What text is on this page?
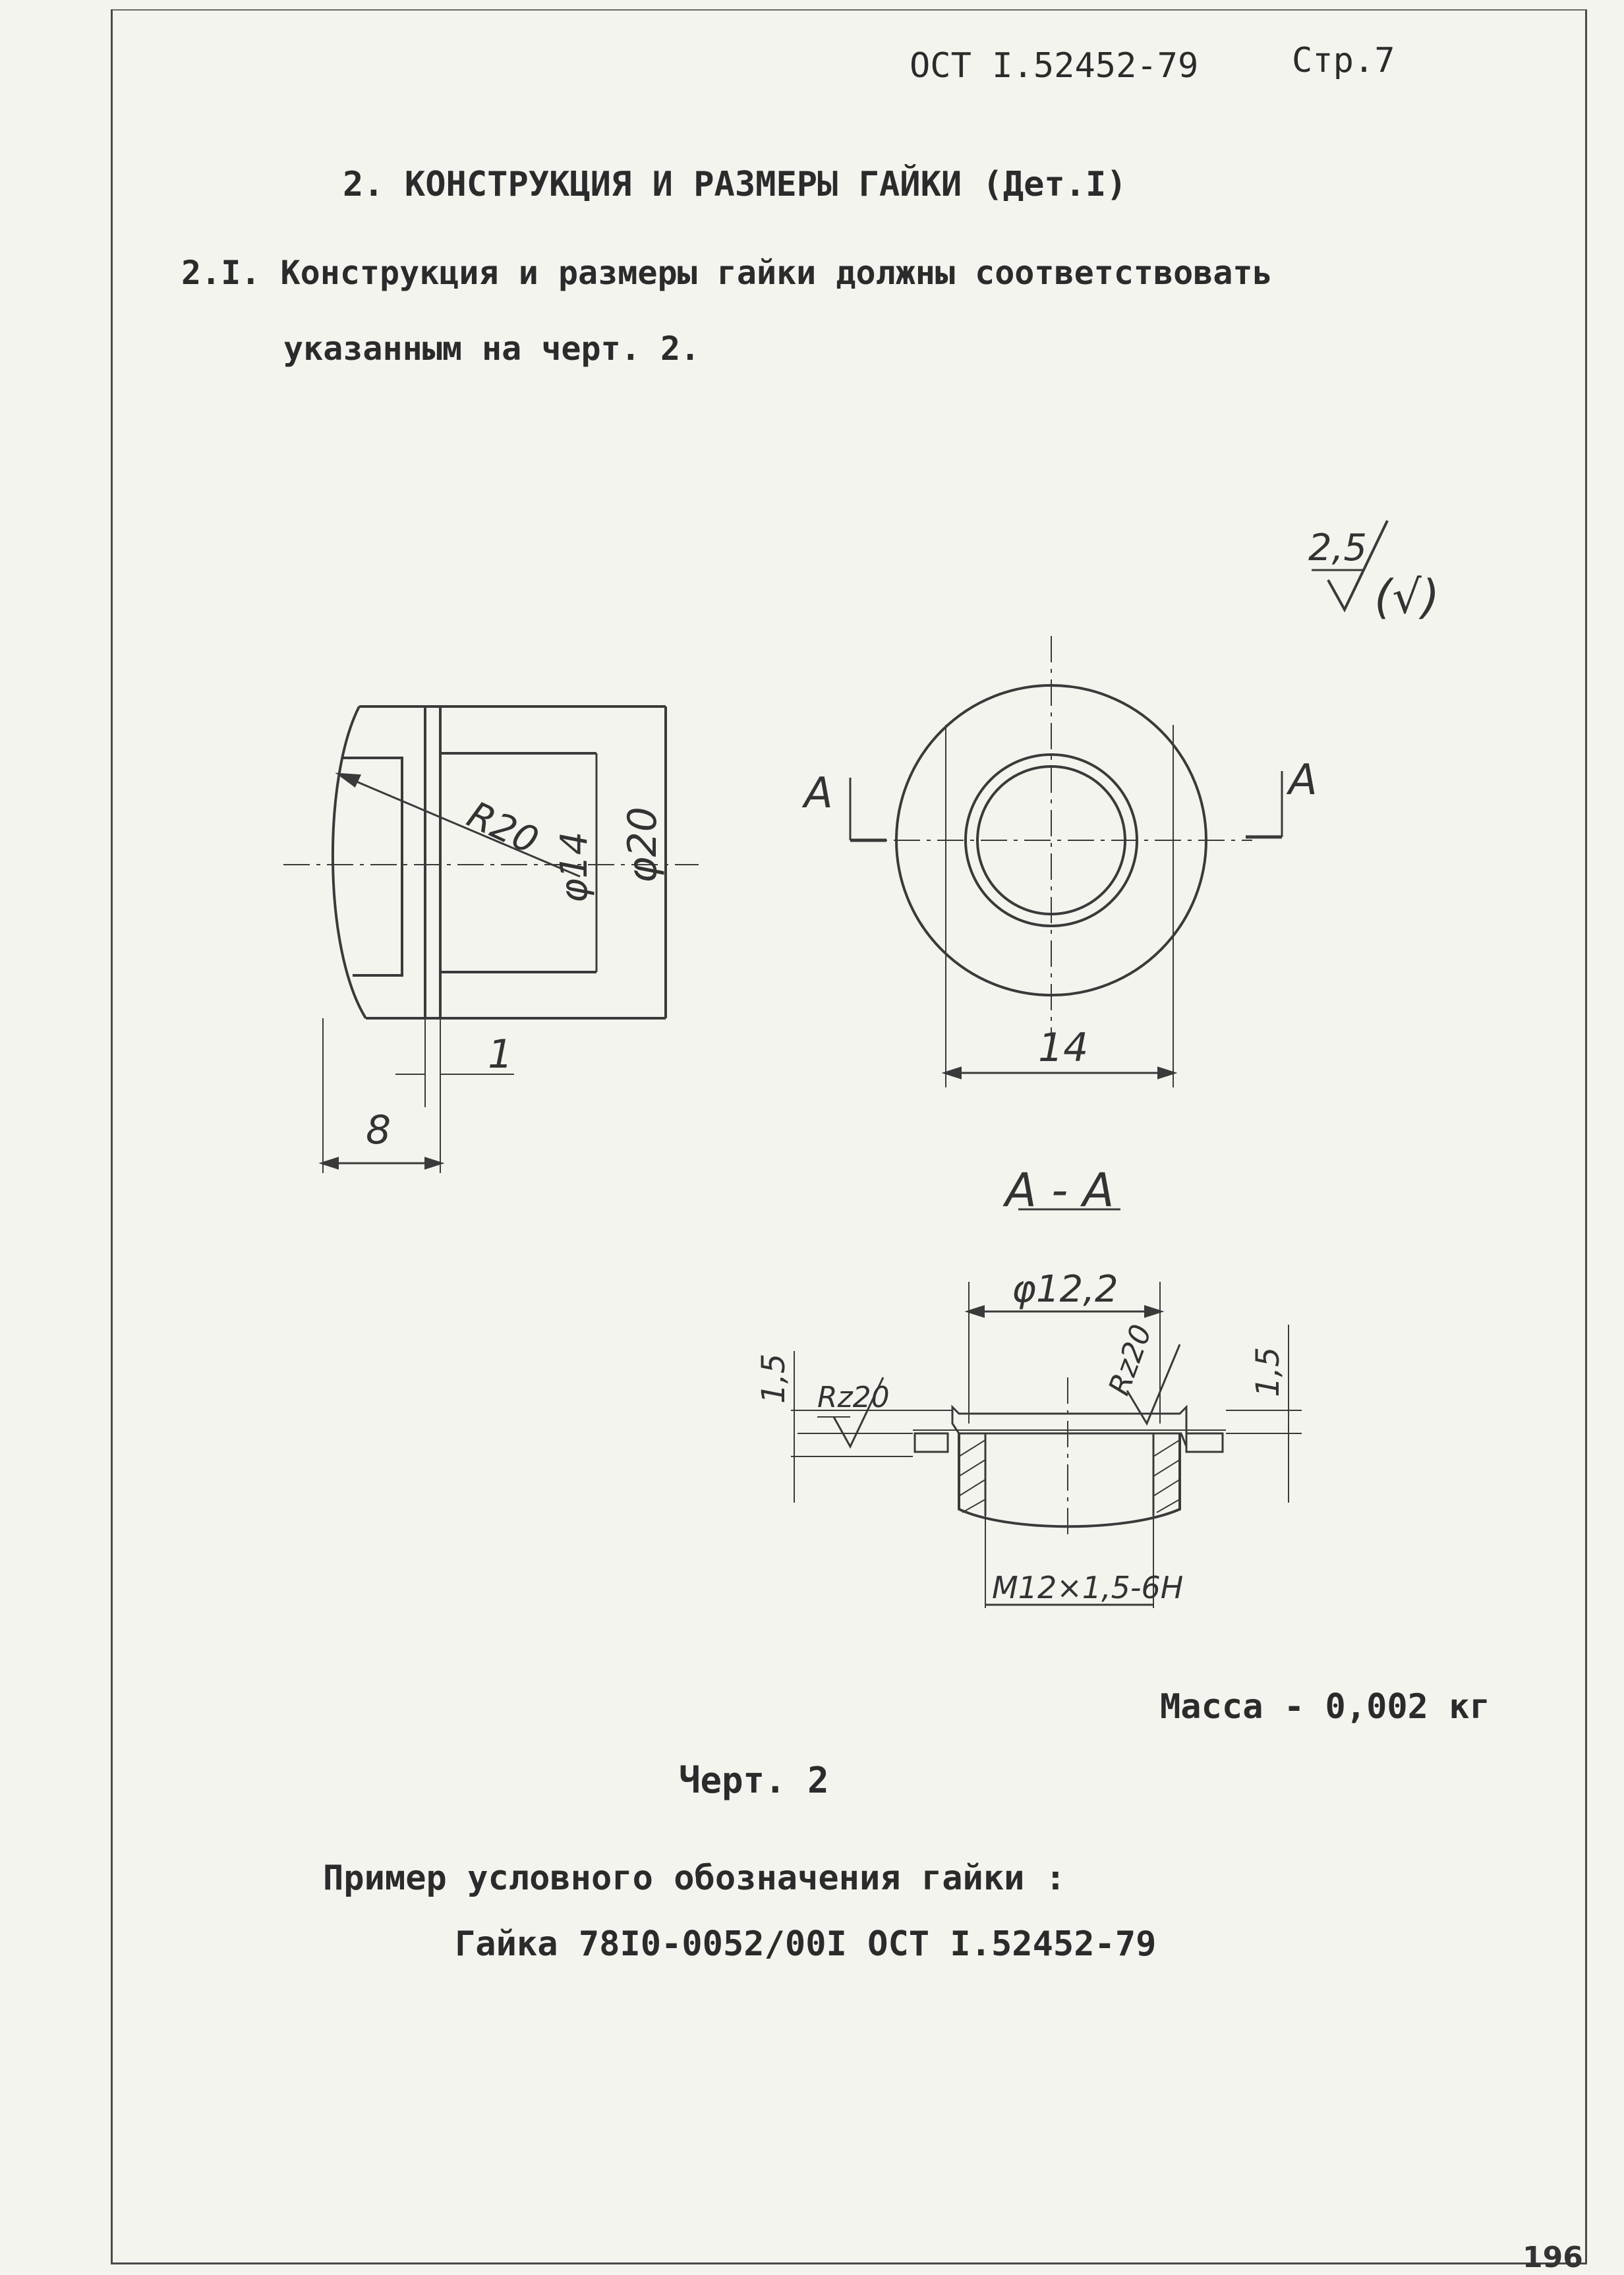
ОСТ I.52452-79	Стр.7
2. КОНСТРУКЦИЯ И РАЗМЕРЫ ГАЙКИ (Дет.I)
2.I. Конструкция и размеры гайки должны соответствовать
указанным на черт. 2.
2,5
(√)
R20
φ14 φ20
1
8
A	A
14
А - А
φ12,2
Rz20	Rz20
1,5	1,5
M12×1,5-6H
Масса - 0,002 кг
Черт. 2
Пример условного обозначения гайки :
Гайка 78I0-0052/00I ОСТ I.52452-79
196
